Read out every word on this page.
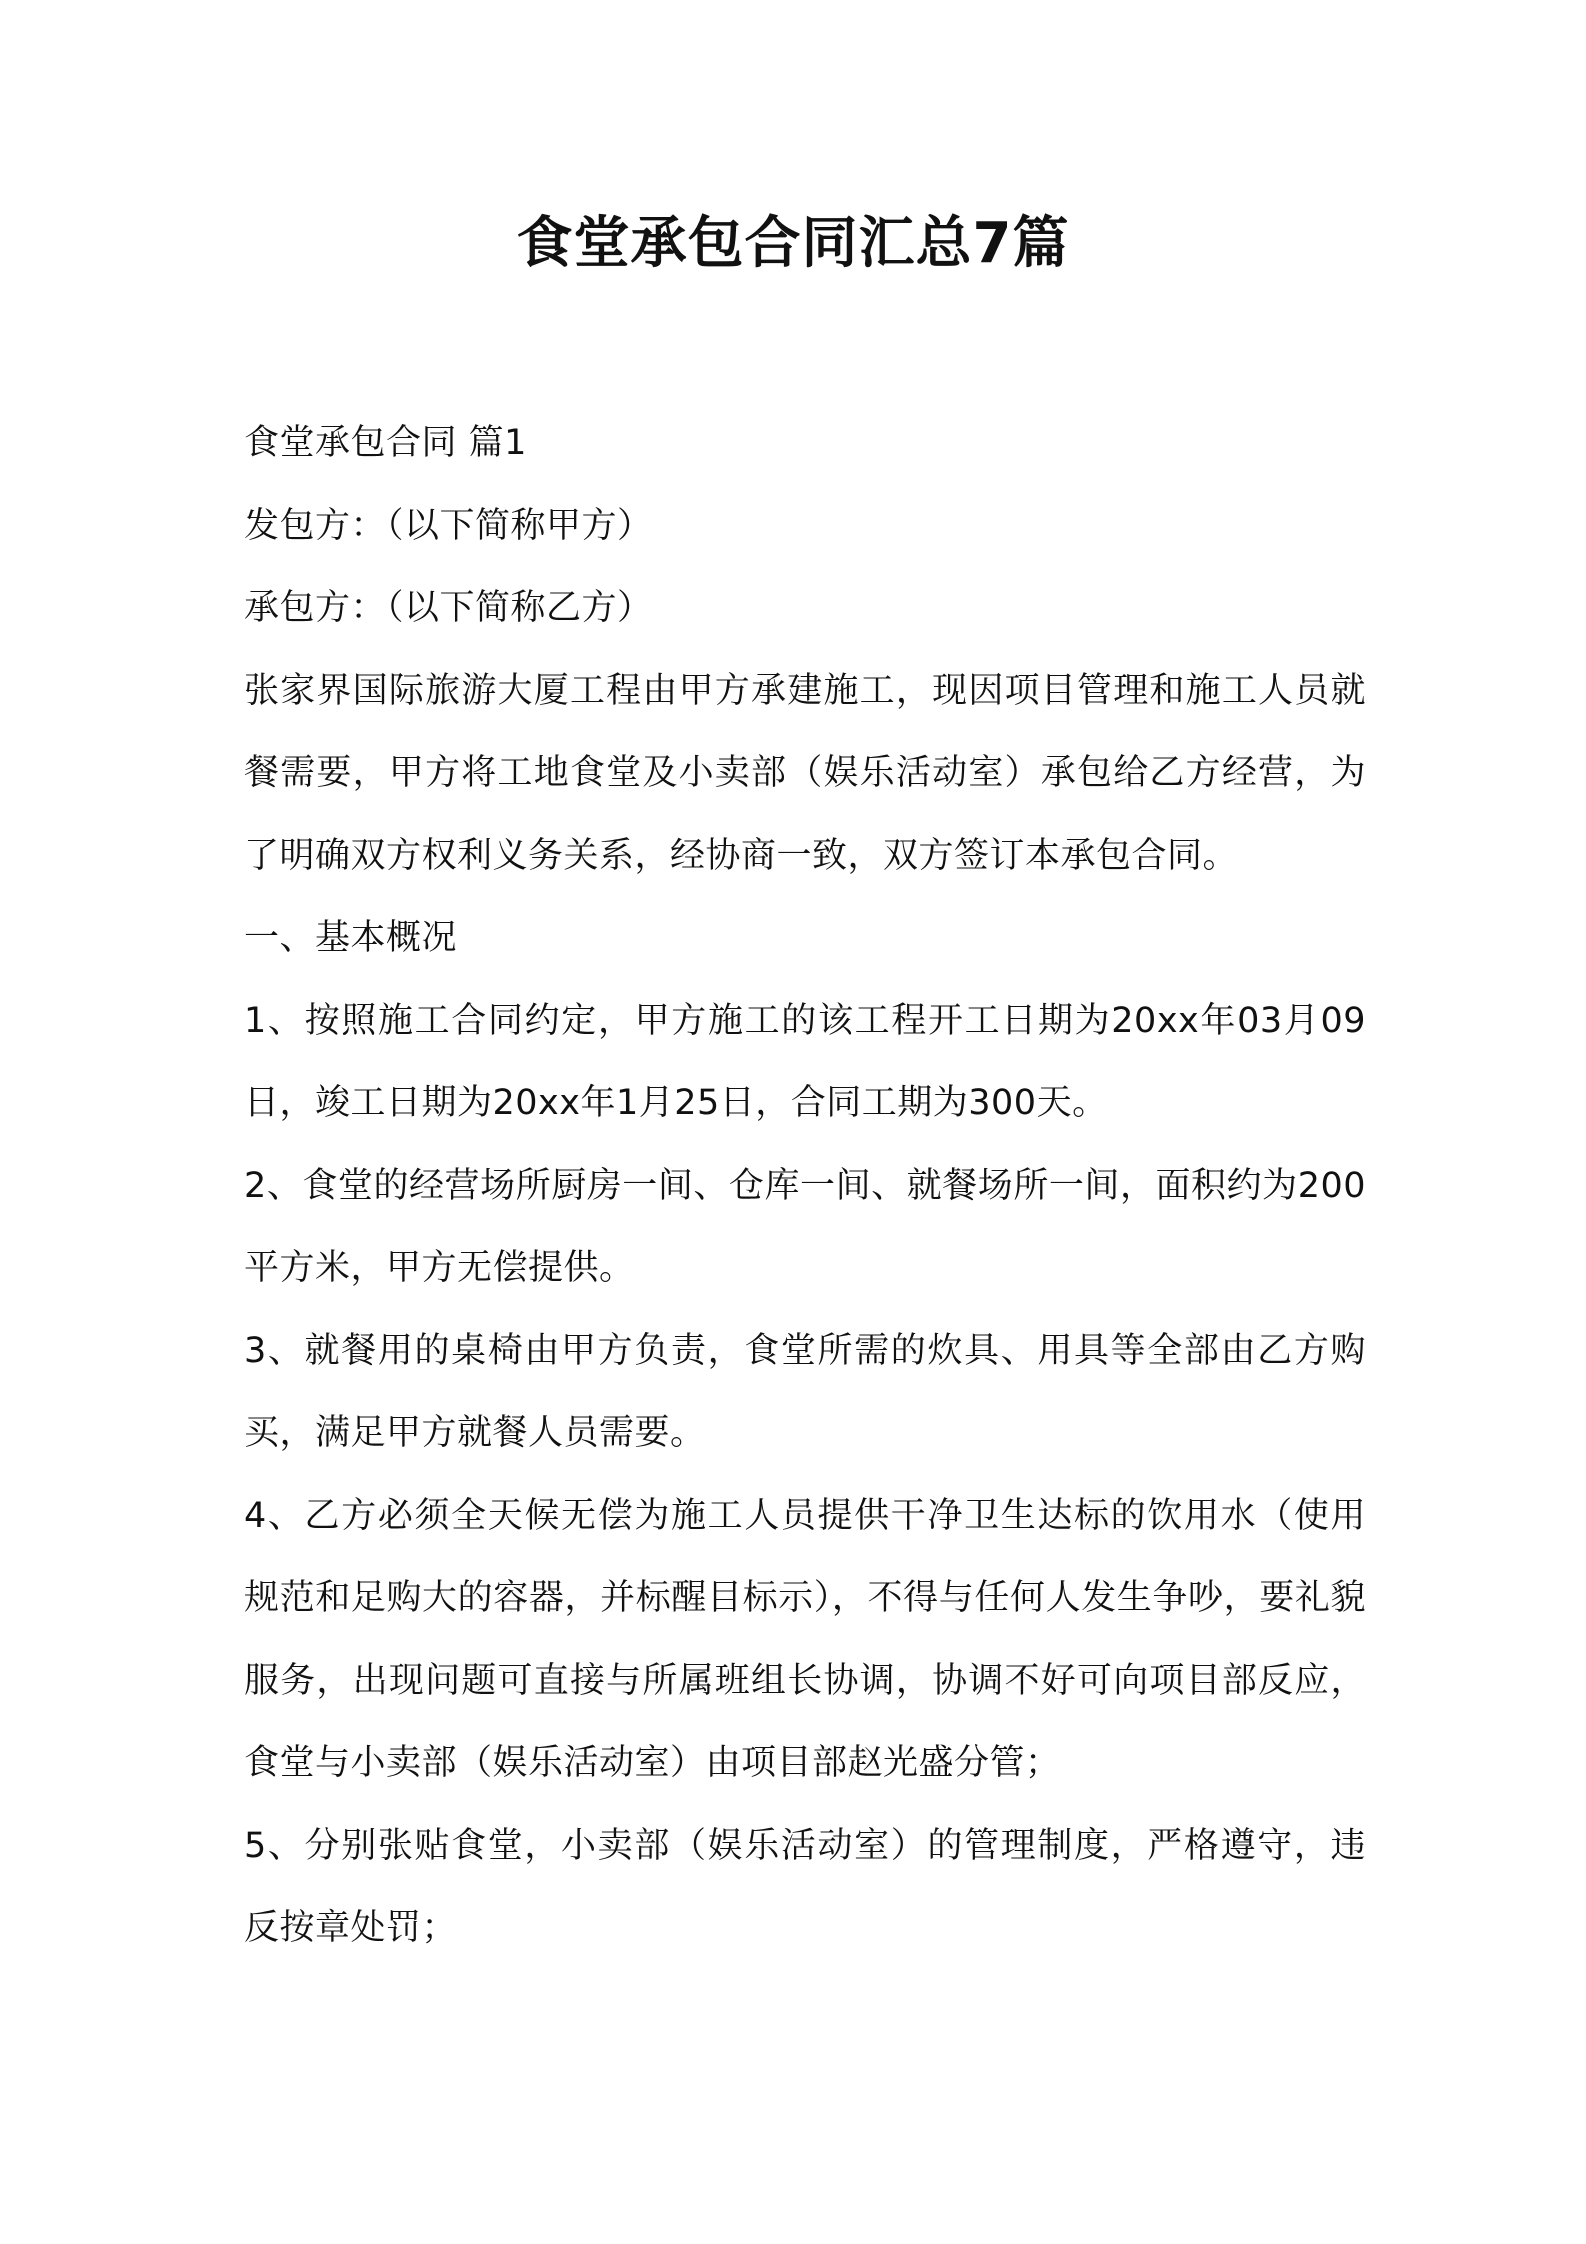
食堂承包合同汇总7篇

食堂承包合同 篇1

发包方：（以下简称甲方）

承包方：（以下简称乙方）

张家界国际旅游大厦工程由甲方承建施工，现因项目管理和施工人员就餐需要，甲方将工地食堂及小卖部（娱乐活动室）承包给乙方经营，为了明确双方权利义务关系，经协商一致，双方签订本承包合同。

一、基本概况

1、按照施工合同约定，甲方施工的该工程开工日期为20xx年03月09日，竣工日期为20xx年1月25日，合同工期为300天。

2、食堂的经营场所厨房一间、仓库一间、就餐场所一间，面积约为200平方米，甲方无偿提供。

3、就餐用的桌椅由甲方负责，食堂所需的炊具、用具等全部由乙方购买，满足甲方就餐人员需要。

4、乙方必须全天候无偿为施工人员提供干净卫生达标的饮用水（使用规范和足购大的容器，并标醒目标示），不得与任何人发生争吵，要礼貌服务，出现问题可直接与所属班组长协调，协调不好可向项目部反应，食堂与小卖部（娱乐活动室）由项目部赵光盛分管；

5、分别张贴食堂，小卖部（娱乐活动室）的管理制度，严格遵守，违反按章处罚；
